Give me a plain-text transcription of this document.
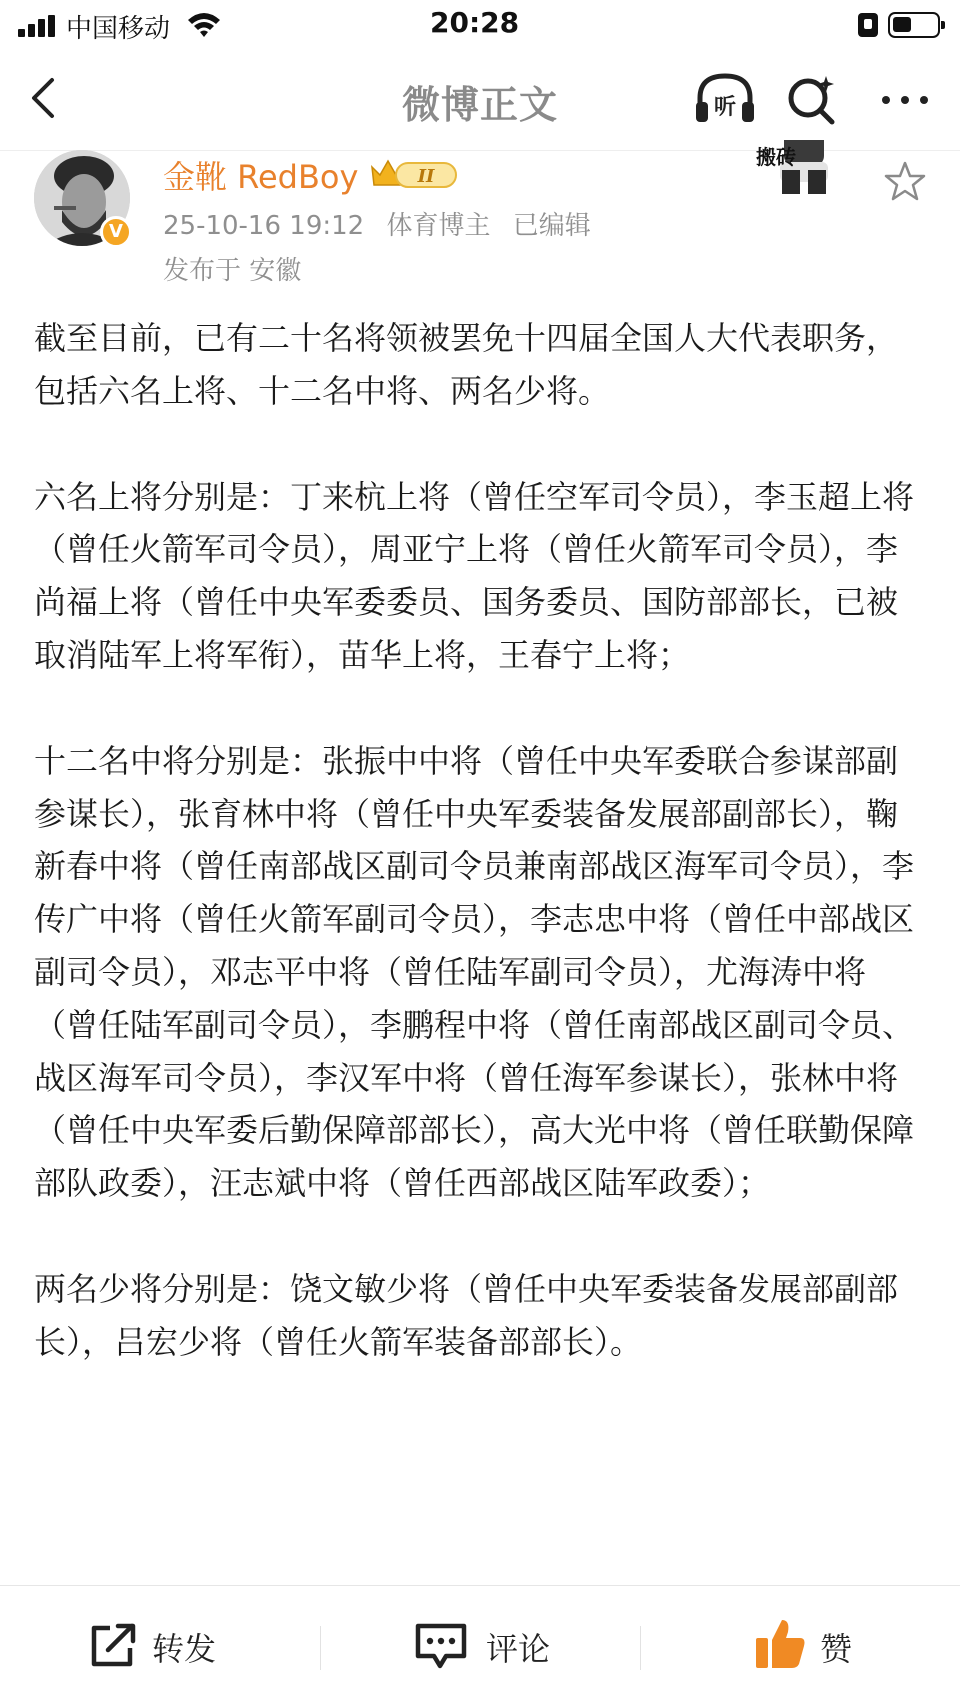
中国移动	20:28
微博正文	听
V
金靴 RedBoy	II
25-10-16 19:12 体育博主 已编辑
发布于 安徽
搬砖

截至目前，已有二十名将领被罢免十四届全国人大代表职务，包括六名上将、十二名中将、两名少将。

六名上将分别是：丁来杭上将（曾任空军司令员），李玉超上将（曾任火箭军司令员），周亚宁上将（曾任火箭军司令员），李尚福上将（曾任中央军委委员、国务委员、国防部部长，已被取消陆军上将军衔），苗华上将，王春宁上将；

十二名中将分别是：张振中中将（曾任中央军委联合参谋部副参谋长），张育林中将（曾任中央军委装备发展部副部长），鞠新春中将（曾任南部战区副司令员兼南部战区海军司令员），李传广中将（曾任火箭军副司令员），李志忠中将（曾任中部战区副司令员），邓志平中将（曾任陆军副司令员），尤海涛中将（曾任陆军副司令员），李鹏程中将（曾任南部战区副司令员、战区海军司令员），李汉军中将（曾任海军参谋长），张林中将（曾任中央军委后勤保障部部长），高大光中将（曾任联勤保障部队政委），汪志斌中将（曾任西部战区陆军政委）；

两名少将分别是：饶文敏少将（曾任中央军委装备发展部副部长），吕宏少将（曾任火箭军装备部部长）。

转发	评论	赞
